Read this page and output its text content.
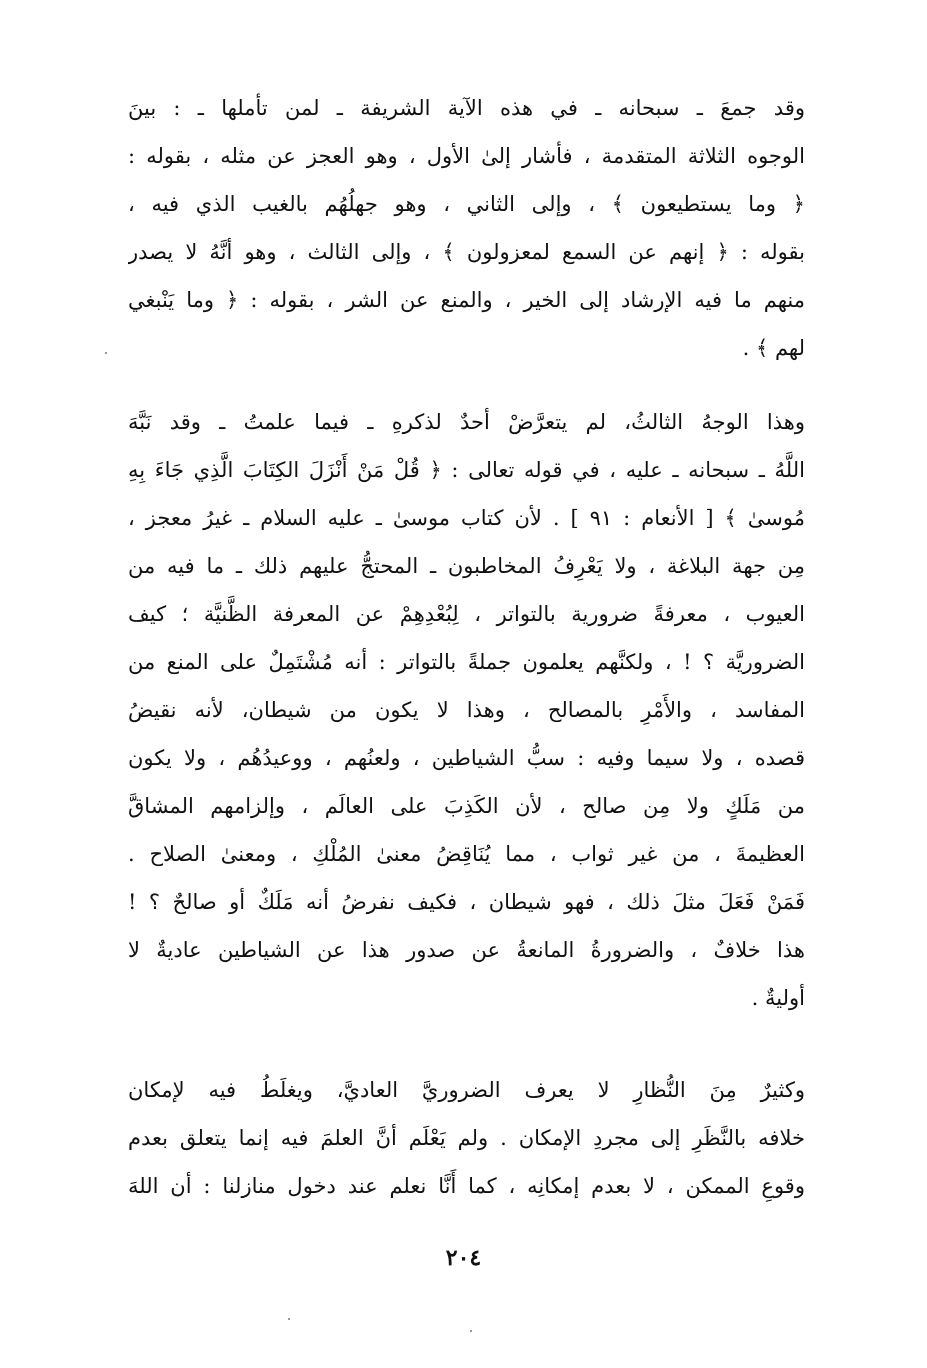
وقد جمعَ ـ سبحانه ـ في هذه الآية الشريفة ـ لمن تأملها ـ : بينَ
الوجوه الثلاثة المتقدمة ، فأشار إلىٰ الأول ، وهو العجز عن مثله ، بقوله :
﴿ وما يستطيعون ﴾ ، وإلى الثاني ، وهو جهلُهُم بالغيب الذي فيه ،
بقوله : ﴿ إنهم عن السمع لمعزولون ﴾ ، وإلى الثالث ، وهو أنَّهُ لا يصدر
منهم ما فيه الإرشاد إلى الخير ، والمنع عن الشر ، بقوله : ﴿ وما يَنْبغي
لهم ﴾ .
وهذا الوجهُ الثالثُ، لم يتعرَّضْ أحدٌ لذكرهِ ـ فيما علمتُ ـ وقد نَبَّهَ
اللَّهُ ـ سبحانه ـ عليه ، في قوله تعالى : ﴿ قُلْ مَنْ أَنْزَلَ الكِتَابَ الَّذِي جَاءَ بِهِ
مُوسىٰ ﴾ [ الأنعام : ٩١ ] . لأن كتاب موسىٰ ـ عليه السلام ـ غيرُ معجز ،
مِن جهة البلاغة ، ولا يَعْرِفُ المخاطبون ـ المحتجُّ عليهم ذلك ـ ما فيه من
العيوب ، معرفةً ضرورية بالتواتر ، لِبُعْدِهِمْ عن المعرفة الظَّنيَّة ؛ كيف
الضروريَّة ؟ ! ، ولكنَّهم يعلمون جملةً بالتواتر : أنه مُشْتَمِلٌ على المنع من
المفاسد ، والأَمْرِ بالمصالح ، وهذا لا يكون من شيطان، لأنه نقيضُ
قصده ، ولا سيما وفيه : سبُّ الشياطين ، ولعنُهم ، ووعيدُهُم ، ولا يكون
من مَلَكٍ ولا مِن صالح ، لأن الكَذِبَ على العالَم ، وإلزامهم المشاقَّ
العظيمةَ ، من غير ثواب ، مما يُنَاقِضُ معنىٰ المُلْكِ ، ومعنىٰ الصلاح .
فَمَنْ فَعَلَ مثلَ ذلك ، فهو شيطان ، فكيف نفرضُ أنه مَلَكٌ أو صالحٌ ؟ !
هذا خلافٌ ، والضرورةُ المانعةُ عن صدور هذا عن الشياطين عاديةٌ لا
أوليةٌ .
وكثيرٌ مِنَ النُّظارِ لا يعرف الضروريَّ العاديَّ، ويغلَطُ فيه لإمكان
خلافه بالنَّظَرِ إلى مجردِ الإمكان . ولم يَعْلَم أنَّ العلمَ فيه إنما يتعلق بعدم
وقوعِ الممكن ، لا بعدم إمكانِه ، كما أَنَّا نعلم عند دخول منازلنا : أن اللهَ
٢٠٤
